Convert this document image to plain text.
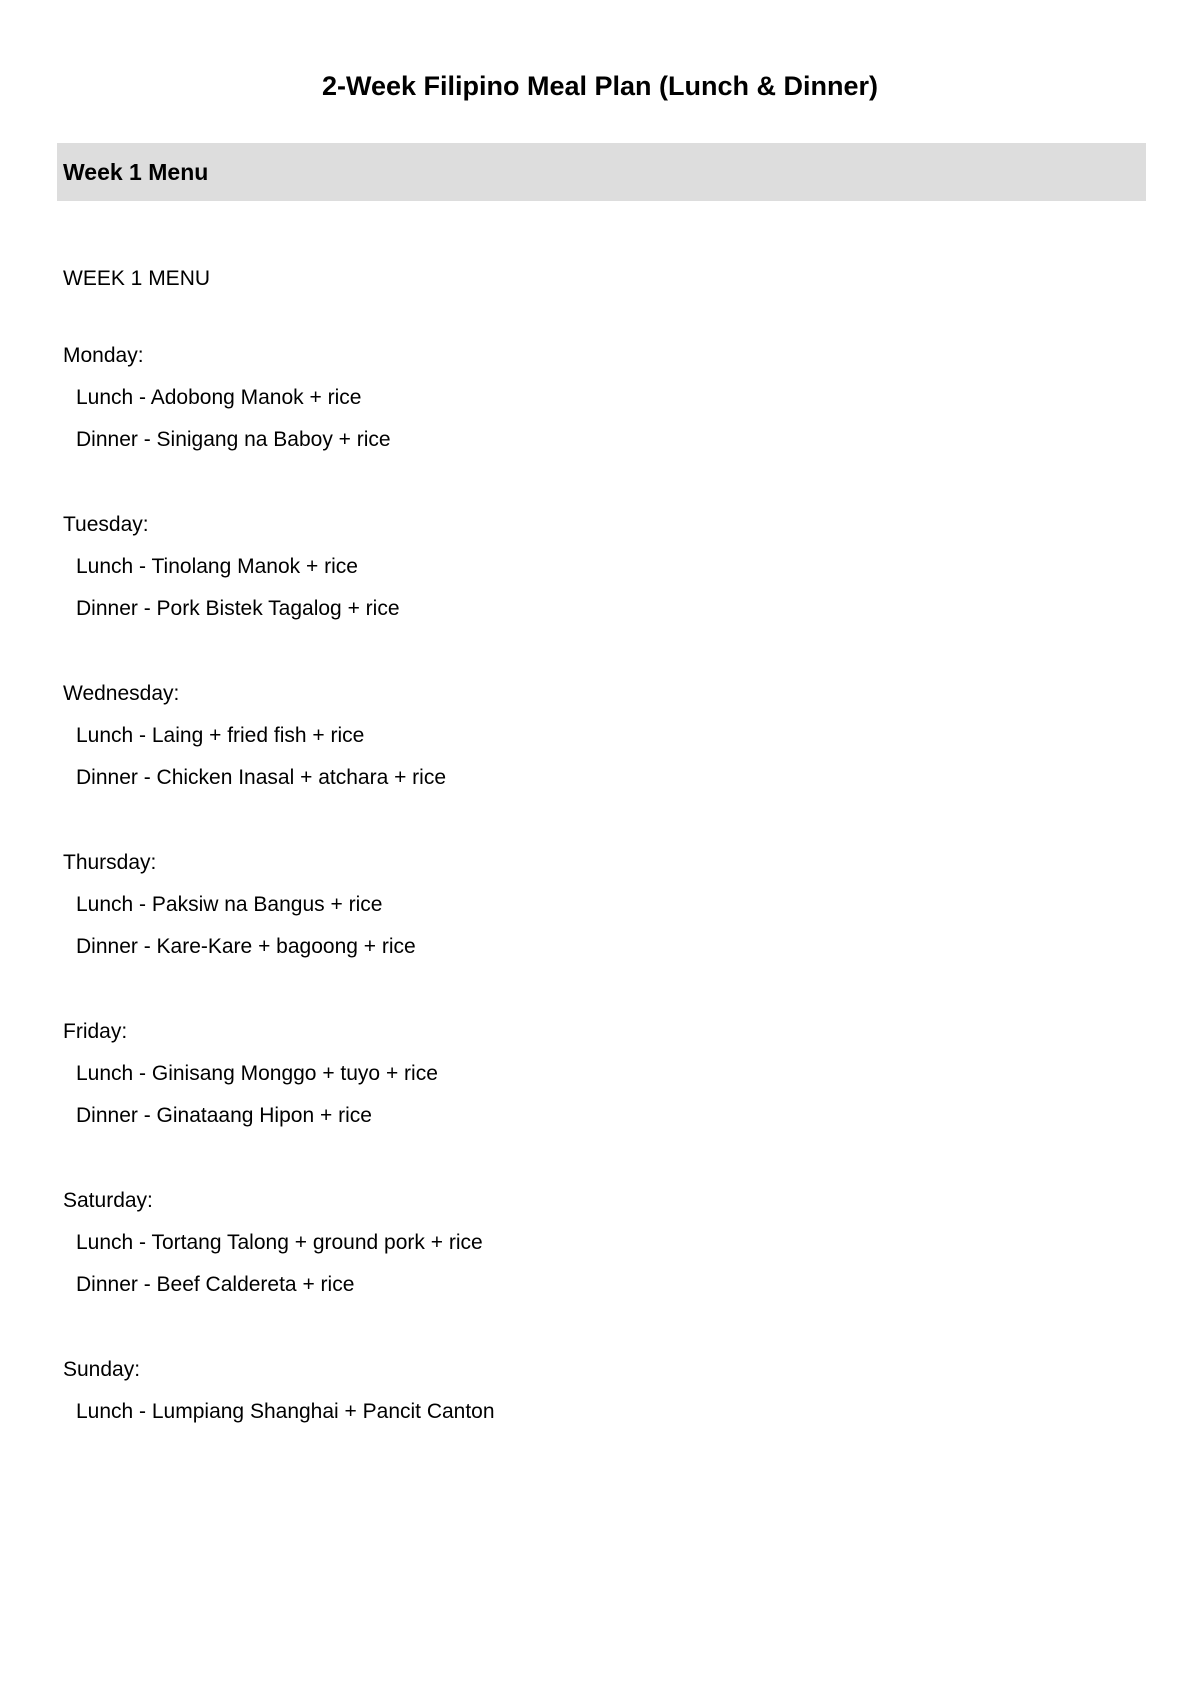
2-Week Filipino Meal Plan (Lunch & Dinner)
Week 1 Menu
WEEK 1 MENU
Monday:
Lunch - Adobong Manok + rice
Dinner - Sinigang na Baboy + rice
Tuesday:
Lunch - Tinolang Manok + rice
Dinner - Pork Bistek Tagalog + rice
Wednesday:
Lunch - Laing + fried fish + rice
Dinner - Chicken Inasal + atchara + rice
Thursday:
Lunch - Paksiw na Bangus + rice
Dinner - Kare-Kare + bagoong + rice
Friday:
Lunch - Ginisang Monggo + tuyo + rice
Dinner - Ginataang Hipon + rice
Saturday:
Lunch - Tortang Talong + ground pork + rice
Dinner - Beef Caldereta + rice
Sunday:
Lunch - Lumpiang Shanghai + Pancit Canton
